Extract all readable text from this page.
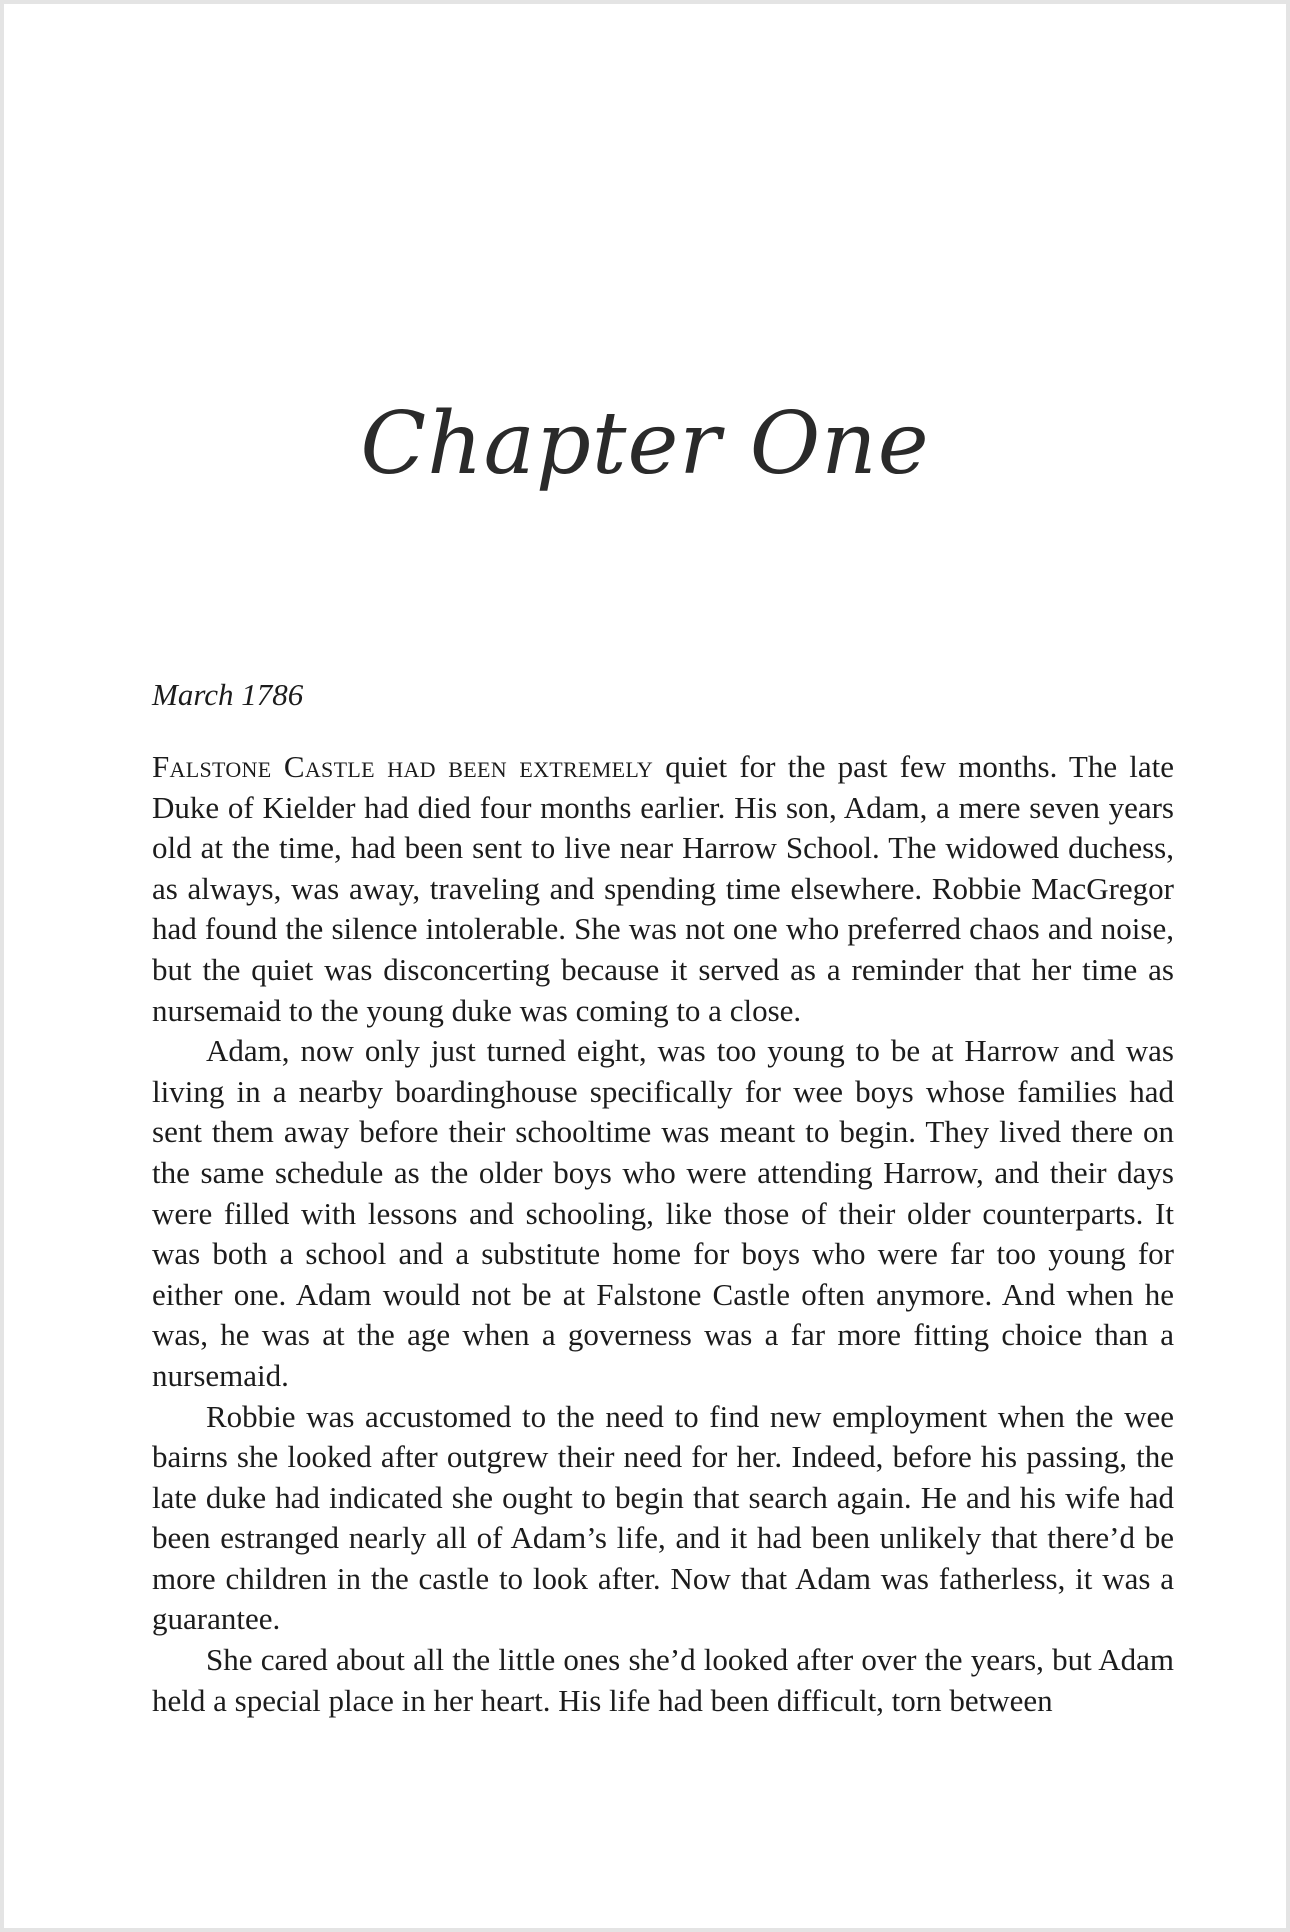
Chapter One

March 1786

Falstone Castle had been extremely quiet for the past few months. The late Duke of Kielder had died four months earlier. His son, Adam, a mere seven years old at the time, had been sent to live near Harrow School. The widowed duchess, as always, was away, traveling and spending time elsewhere. Robbie MacGregor had found the silence intolerable. She was not one who preferred chaos and noise, but the quiet was disconcerting because it served as a reminder that her time as nursemaid to the young duke was coming to a close.

Adam, now only just turned eight, was too young to be at Harrow and was living in a nearby boardinghouse specifically for wee boys whose families had sent them away before their schooltime was meant to begin. They lived there on the same schedule as the older boys who were attending Harrow, and their days were filled with lessons and schooling, like those of their older counterparts. It was both a school and a substitute home for boys who were far too young for either one. Adam would not be at Falstone Castle often anymore. And when he was, he was at the age when a governess was a far more fitting choice than a nursemaid.

Robbie was accustomed to the need to find new employment when the wee bairns she looked after outgrew their need for her. Indeed, before his passing, the late duke had indicated she ought to begin that search again. He and his wife had been estranged nearly all of Adam’s life, and it had been unlikely that there’d be more children in the castle to look after. Now that Adam was fatherless, it was a guarantee.

She cared about all the little ones she’d looked after over the years, but Adam held a special place in her heart. His life had been difficult, torn between
